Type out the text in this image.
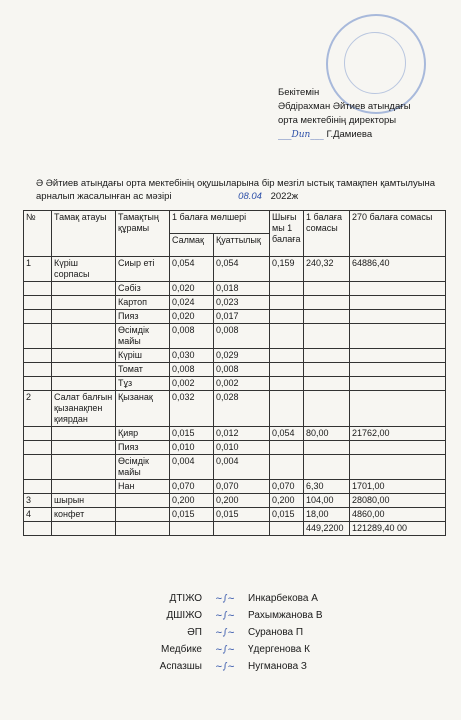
Бекітемін
Әбдірахман Әйтиев атындағы
орта мектебінің директоры
___Dun___ Г.Дамиева
Ә Әйтиев атындағы орта мектебінің оқушыларына бір мезгіл ыстық тамақпен қамтылуына арналып жасалынған ас мәзірі	08.04 2022ж
№	Тамақ атауы	Тамақтың құрамы	1 балаға мөлшері		Шығы мы 1 балаға	1 балаға сомасы	270 балаға сомасы
			Салмақ	Қуаттылық			
1	Күріш сорпасы	Сиыр еті	0,054	0,054	0,159	240,32	64886,40
		Сәбіз	0,020	0,018			
		Картоп	0,024	0,023			
		Пияз	0,020	0,017			
		Өсімдік майы	0,008	0,008			
		Күріш	0,030	0,029			
		Томат	0,008	0,008			
		Тұз	0,002	0,002			
2	Салат балғын қызанақпен қиярдан	Қызанақ	0,032	0,028			
		Қияр	0,015	0,012	0,054	80,00	21762,00
		Пияз	0,010	0,010			
		Өсімдік майы	0,004	0,004			
		Нан	0,070	0,070	0,070	6,30	1701,00
3	шырын		0,200	0,200	0,200	104,00	28080,00
4	конфет		0,015	0,015	0,015	18,00	4860,00
						449,2200	121289,40 00
ДТІЖО ~∫~ Инкарбекова А
ДШІЖО ~∫~ Рахымжанова В
ӘП ~∫~ Суранова П
Медбике ~∫~ Үдергенова К
Аспазшы ~∫~ Нугманова З
